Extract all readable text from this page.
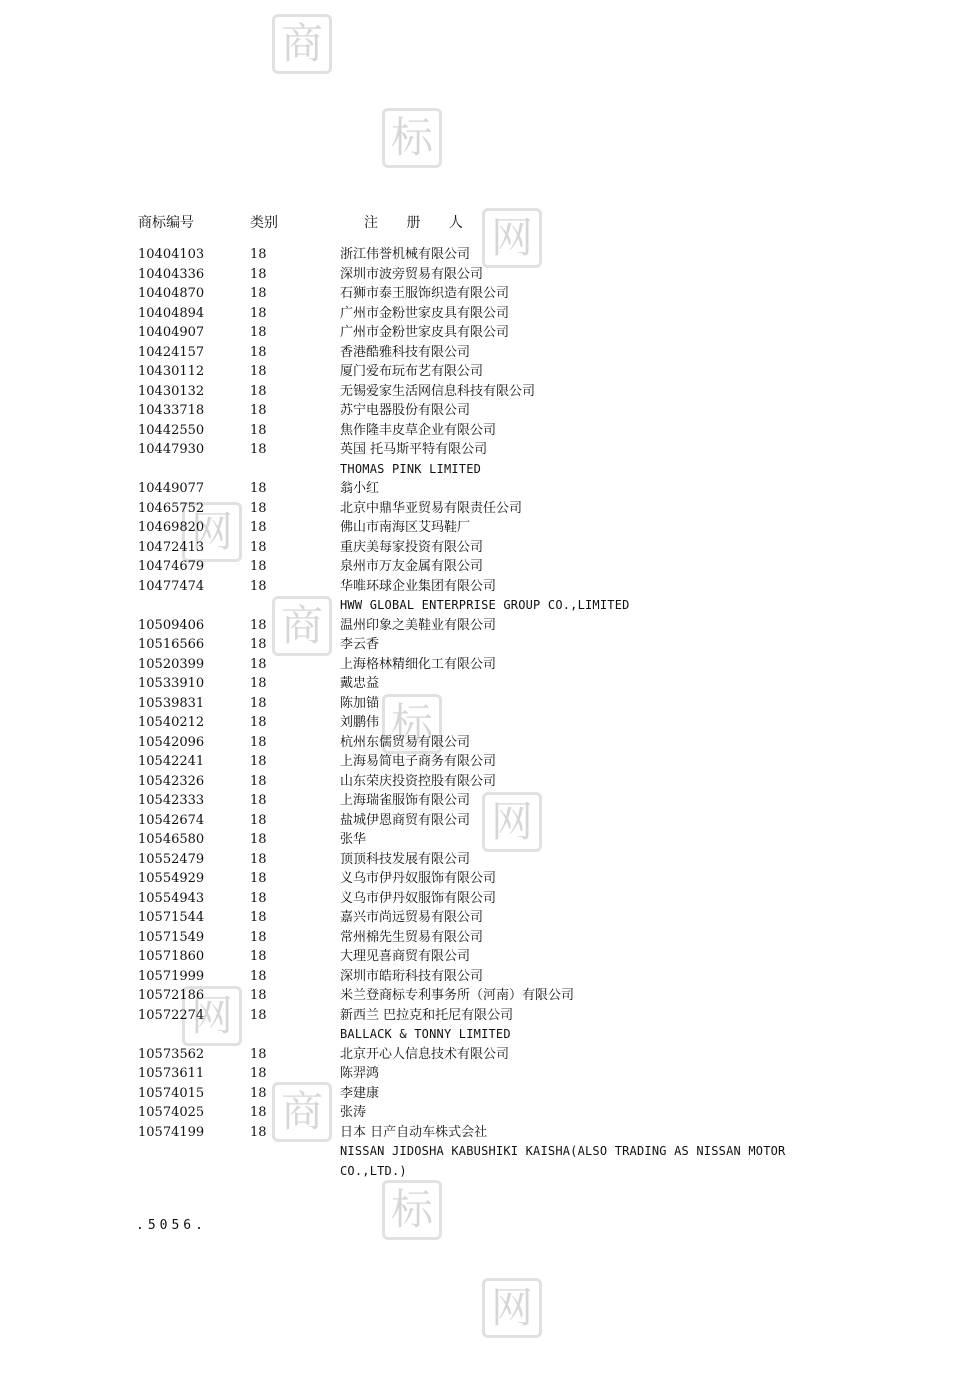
商
标
网
商
标
网
商
标
网
网
网
商标编号	类别	注 册 人
10404103	18	浙江伟誉机械有限公司
10404336	18	深圳市波旁贸易有限公司
10404870	18	石狮市泰王服饰织造有限公司
10404894	18	广州市金粉世家皮具有限公司
10404907	18	广州市金粉世家皮具有限公司
10424157	18	香港酷雅科技有限公司
10430112	18	厦门爱布玩布艺有限公司
10430132	18	无锡爱家生活网信息科技有限公司
10433718	18	苏宁电器股份有限公司
10442550	18	焦作隆丰皮草企业有限公司
10447930	18	英国 托马斯平特有限公司
THOMAS PINK LIMITED
10449077	18	翁小红
10465752	18	北京中鼎华亚贸易有限责任公司
10469820	18	佛山市南海区艾玛鞋厂
10472413	18	重庆美每家投资有限公司
10474679	18	泉州市万友金属有限公司
10477474	18	华唯环球企业集团有限公司
HWW GLOBAL ENTERPRISE GROUP CO.,LIMITED
10509406	18	温州印象之美鞋业有限公司
10516566	18	李云香
10520399	18	上海格林精细化工有限公司
10533910	18	戴忠益
10539831	18	陈加锚
10540212	18	刘鹏伟
10542096	18	杭州东儒贸易有限公司
10542241	18	上海易简电子商务有限公司
10542326	18	山东荣庆投资控股有限公司
10542333	18	上海瑞雀服饰有限公司
10542674	18	盐城伊恩商贸有限公司
10546580	18	张华
10552479	18	顶顶科技发展有限公司
10554929	18	义乌市伊丹奴服饰有限公司
10554943	18	义乌市伊丹奴服饰有限公司
10571544	18	嘉兴市尚远贸易有限公司
10571549	18	常州棉先生贸易有限公司
10571860	18	大理见喜商贸有限公司
10571999	18	深圳市皓珩科技有限公司
10572186	18	米兰登商标专利事务所（河南）有限公司
10572274	18	新西兰 巴拉克和托尼有限公司
BALLACK & TONNY LIMITED
10573562	18	北京开心人信息技术有限公司
10573611	18	陈羿鸿
10574015	18	李建康
10574025	18	张涛
10574199	18	日本 日产自动车株式会社
NISSAN JIDOSHA KABUSHIKI KAISHA(ALSO TRADING AS NISSAN MOTOR CO.,LTD.)
.5056.
